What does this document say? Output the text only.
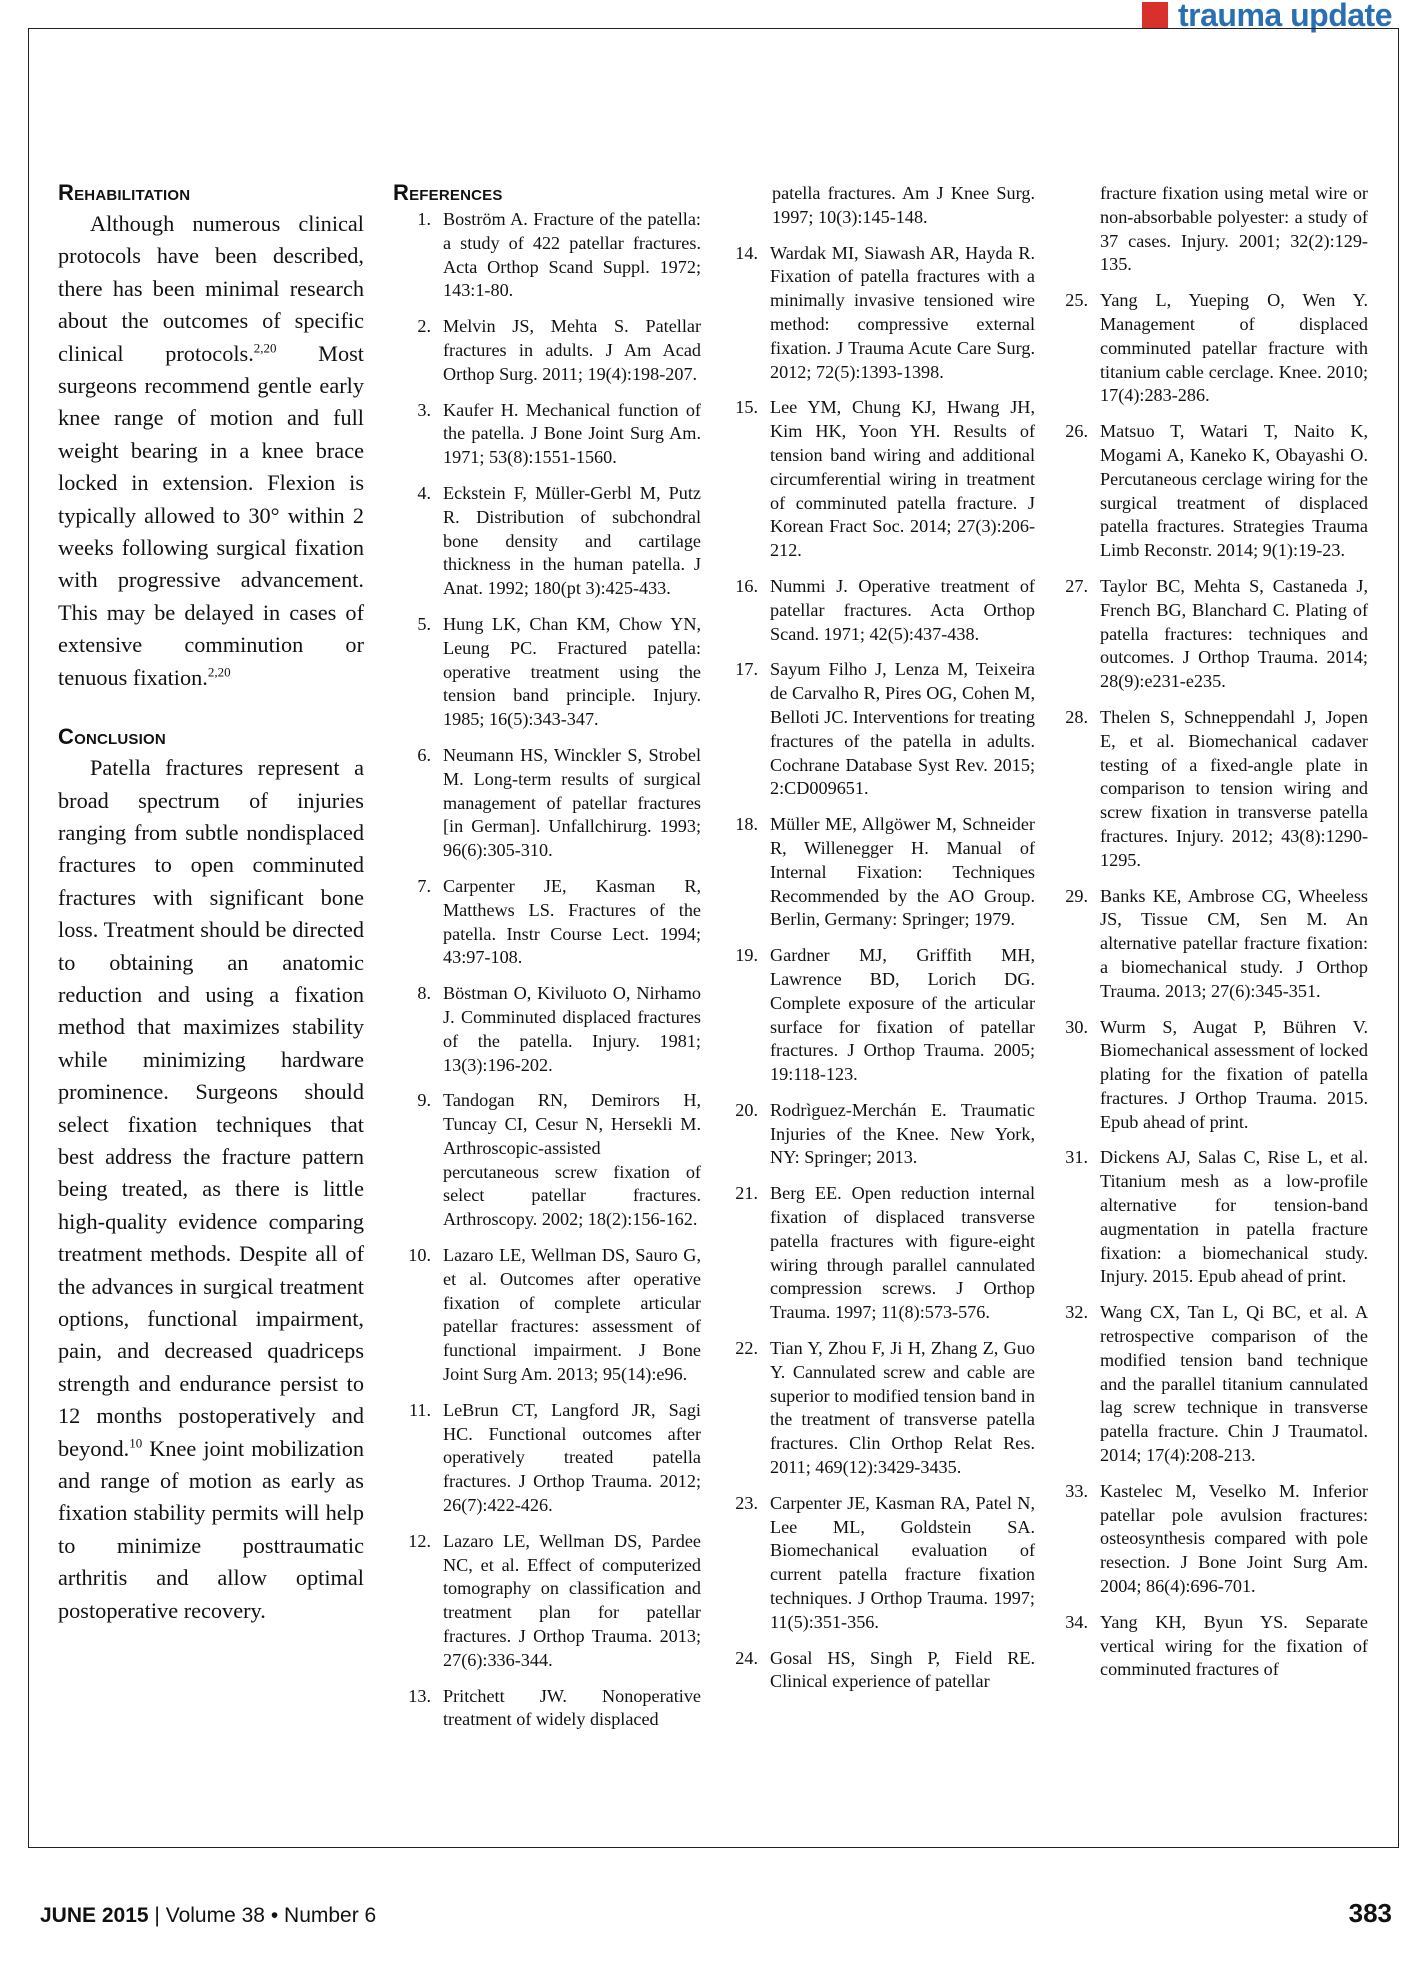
trauma update
Rehabilitation

Although numerous clinical protocols have been described, there has been minimal research about the outcomes of specific clinical protocols.$^{2,20}$ Most surgeons recommend gentle early knee range of motion and full weight bearing in a knee brace locked in extension. Flexion is typically allowed to 30° within 2 weeks following surgical fixation with progressive advancement. This may be delayed in cases of extensive comminution or tenuous fixation.$^{2,20}$

Conclusion

Patella fractures represent a broad spectrum of injuries ranging from subtle nondisplaced fractures to open comminuted fractures with significant bone loss. Treatment should be directed to obtaining an anatomic reduction and using a fixation method that maximizes stability while minimizing hardware prominence. Surgeons should select fixation techniques that best address the fracture pattern being treated, as there is little high-quality evidence comparing treatment methods. Despite all of the advances in surgical treatment options, functional impairment, pain, and decreased quadriceps strength and endurance persist to 12 months postoperatively and beyond.$^{10}$ Knee joint mobilization and range of motion as early as fixation stability permits will help to minimize posttraumatic arthritis and allow optimal postoperative recovery.

References
1. Boström A. Fracture of the patella: a study of 422 patellar fractures. Acta Orthop Scand Suppl. 1972; 143:1-80.
2. Melvin JS, Mehta S. Patellar fractures in adults. J Am Acad Orthop Surg. 2011; 19(4):198-207.
3. Kaufer H. Mechanical function of the patella. J Bone Joint Surg Am. 1971; 53(8):1551-1560.
4. Eckstein F, Müller-Gerbl M, Putz R. Distribution of subchondral bone density and cartilage thickness in the human patella. J Anat. 1992; 180(pt 3):425-433.
5. Hung LK, Chan KM, Chow YN, Leung PC. Fractured patella: operative treatment using the tension band principle. Injury. 1985; 16(5):343-347.
6. Neumann HS, Winckler S, Strobel M. Long-term results of surgical management of patellar fractures [in German]. Unfallchirurg. 1993; 96(6):305-310.
7. Carpenter JE, Kasman R, Matthews LS. Fractures of the patella. Instr Course Lect. 1994; 43:97-108.
8. Böstman O, Kiviluoto O, Nirhamo J. Comminuted displaced fractures of the patella. Injury. 1981; 13(3):196-202.
9. Tandogan RN, Demirors H, Tuncay CI, Cesur N, Hersekli M. Arthroscopic-assisted percutaneous screw fixation of select patellar fractures. Arthroscopy. 2002; 18(2):156-162.
10. Lazaro LE, Wellman DS, Sauro G, et al. Outcomes after operative fixation of complete articular patellar fractures: assessment of functional impairment. J Bone Joint Surg Am. 2013; 95(14):e96.
11. LeBrun CT, Langford JR, Sagi HC. Functional outcomes after operatively treated patella fractures. J Orthop Trauma. 2012; 26(7):422-426.
12. Lazaro LE, Wellman DS, Pardee NC, et al. Effect of computerized tomography on classification and treatment plan for patellar fractures. J Orthop Trauma. 2013; 27(6):336-344.
13. Pritchett JW. Nonoperative treatment of widely displaced
patella fractures. Am J Knee Surg. 1997; 10(3):145-148.
14. Wardak MI, Siawash AR, Hayda R. Fixation of patella fractures with a minimally invasive tensioned wire method: compressive external fixation. J Trauma Acute Care Surg. 2012; 72(5):1393-1398.
15. Lee YM, Chung KJ, Hwang JH, Kim HK, Yoon YH. Results of tension band wiring and additional circumferential wiring in treatment of comminuted patella fracture. J Korean Fract Soc. 2014; 27(3):206-212.
16. Nummi J. Operative treatment of patellar fractures. Acta Orthop Scand. 1971; 42(5):437-438.
17. Sayum Filho J, Lenza M, Teixeira de Carvalho R, Pires OG, Cohen M, Belloti JC. Interventions for treating fractures of the patella in adults. Cochrane Database Syst Rev. 2015; 2:CD009651.
18. Müller ME, Allgöwer M, Schneider R, Willenegger H. Manual of Internal Fixation: Techniques Recommended by the AO Group. Berlin, Germany: Springer; 1979.
19. Gardner MJ, Griffith MH, Lawrence BD, Lorich DG. Complete exposure of the articular surface for fixation of patellar fractures. J Orthop Trauma. 2005; 19:118-123.
20. Rodrìguez-Merchán E. Traumatic Injuries of the Knee. New York, NY: Springer; 2013.
21. Berg EE. Open reduction internal fixation of displaced transverse patella fractures with figure-eight wiring through parallel cannulated compression screws. J Orthop Trauma. 1997; 11(8):573-576.
22. Tian Y, Zhou F, Ji H, Zhang Z, Guo Y. Cannulated screw and cable are superior to modified tension band in the treatment of transverse patella fractures. Clin Orthop Relat Res. 2011; 469(12):3429-3435.
23. Carpenter JE, Kasman RA, Patel N, Lee ML, Goldstein SA. Biomechanical evaluation of current patella fracture fixation techniques. J Orthop Trauma. 1997; 11(5):351-356.
24. Gosal HS, Singh P, Field RE. Clinical experience of patellar
fracture fixation using metal wire or non-absorbable polyester: a study of 37 cases. Injury. 2001; 32(2):129-135.
25. Yang L, Yueping O, Wen Y. Management of displaced comminuted patellar fracture with titanium cable cerclage. Knee. 2010; 17(4):283-286.
26. Matsuo T, Watari T, Naito K, Mogami A, Kaneko K, Obayashi O. Percutaneous cerclage wiring for the surgical treatment of displaced patella fractures. Strategies Trauma Limb Reconstr. 2014; 9(1):19-23.
27. Taylor BC, Mehta S, Castaneda J, French BG, Blanchard C. Plating of patella fractures: techniques and outcomes. J Orthop Trauma. 2014; 28(9):e231-e235.
28. Thelen S, Schneppendahl J, Jopen E, et al. Biomechanical cadaver testing of a fixed-angle plate in comparison to tension wiring and screw fixation in transverse patella fractures. Injury. 2012; 43(8):1290-1295.
29. Banks KE, Ambrose CG, Wheeless JS, Tissue CM, Sen M. An alternative patellar fracture fixation: a biomechanical study. J Orthop Trauma. 2013; 27(6):345-351.
30. Wurm S, Augat P, Bühren V. Biomechanical assessment of locked plating for the fixation of patella fractures. J Orthop Trauma. 2015. Epub ahead of print.
31. Dickens AJ, Salas C, Rise L, et al. Titanium mesh as a low-profile alternative for tension-band augmentation in patella fracture fixation: a biomechanical study. Injury. 2015. Epub ahead of print.
32. Wang CX, Tan L, Qi BC, et al. A retrospective comparison of the modified tension band technique and the parallel titanium cannulated lag screw technique in transverse patella fracture. Chin J Traumatol. 2014; 17(4):208-213.
33. Kastelec M, Veselko M. Inferior patellar pole avulsion fractures: osteosynthesis compared with pole resection. J Bone Joint Surg Am. 2004; 86(4):696-701.
34. Yang KH, Byun YS. Separate vertical wiring for the fixation of comminuted fractures of
JUNE 2015 | Volume 38 • Number 6	383
